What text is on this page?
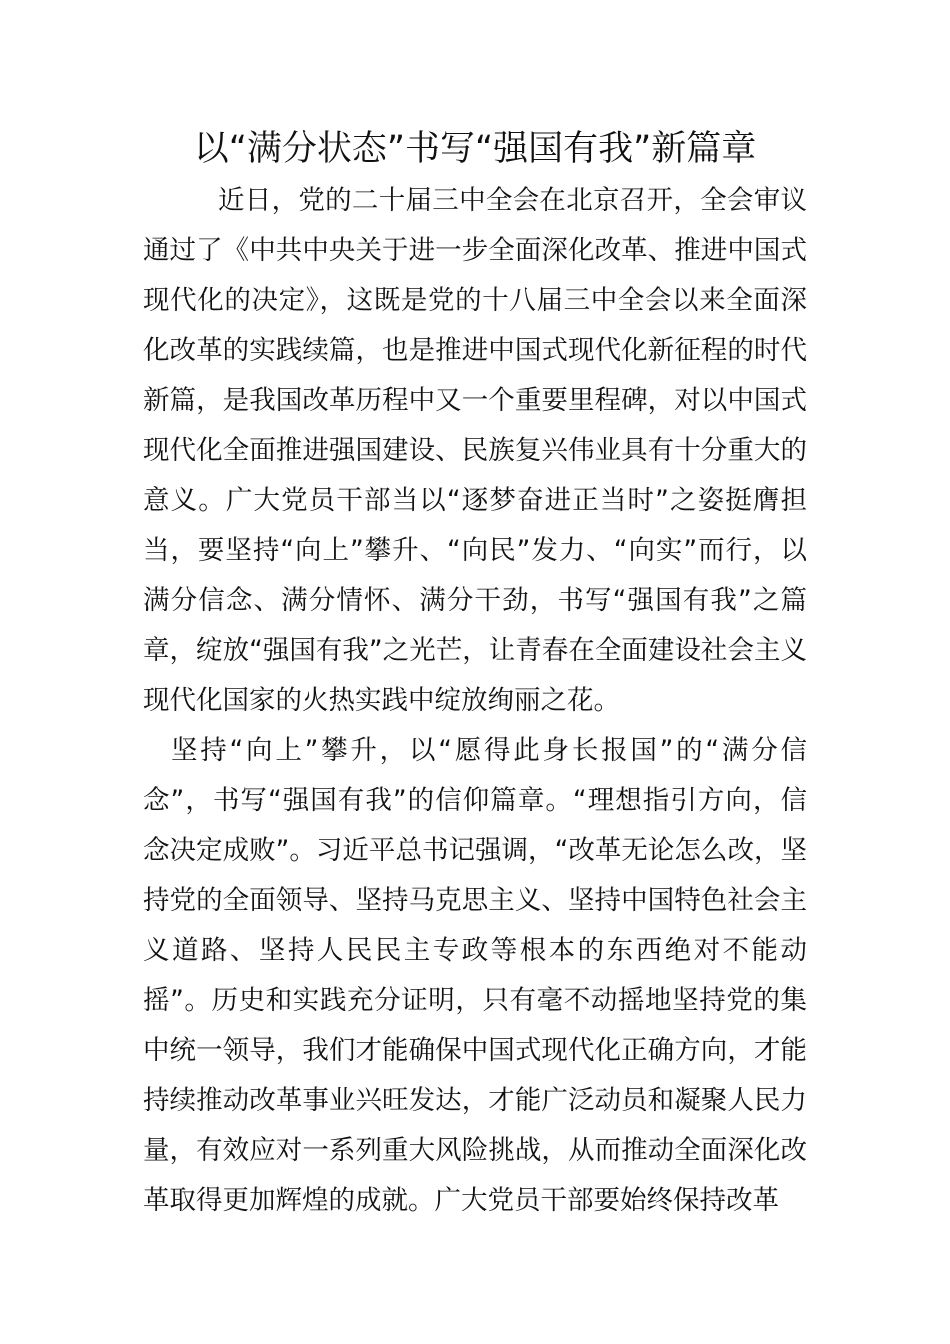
以“满分状态”书写“强国有我”新篇章

近日，党的二十届三中全会在北京召开，全会审议通过了《中共中央关于进一步全面深化改革、推进中国式现代化的决定》，这既是党的十八届三中全会以来全面深化改革的实践续篇，也是推进中国式现代化新征程的时代新篇，是我国改革历程中又一个重要里程碑，对以中国式现代化全面推进强国建设、民族复兴伟业具有十分重大的意义。广大党员干部当以“逐梦奋进正当时”之姿挺膺担当，要坚持“向上”攀升、“向民”发力、“向实”而行，以满分信念、满分情怀、满分干劲，书写“强国有我”之篇章，绽放“强国有我”之光芒，让青春在全面建设社会主义现代化国家的火热实践中绽放绚丽之花。

坚持“向上”攀升，以“愿得此身长报国”的“满分信念”，书写“强国有我”的信仰篇章。“理想指引方向，信念决定成败”。习近平总书记强调，“改革无论怎么改，坚持党的全面领导、坚持马克思主义、坚持中国特色社会主义道路、坚持人民民主专政等根本的东西绝对不能动摇”。历史和实践充分证明，只有毫不动摇地坚持党的集中统一领导，我们才能确保中国式现代化正确方向，才能持续推动改革事业兴旺发达，才能广泛动员和凝聚人民力量，有效应对一系列重大风险挑战，从而推动全面深化改革取得更加辉煌的成就。广大党员干部要始终保持改革
